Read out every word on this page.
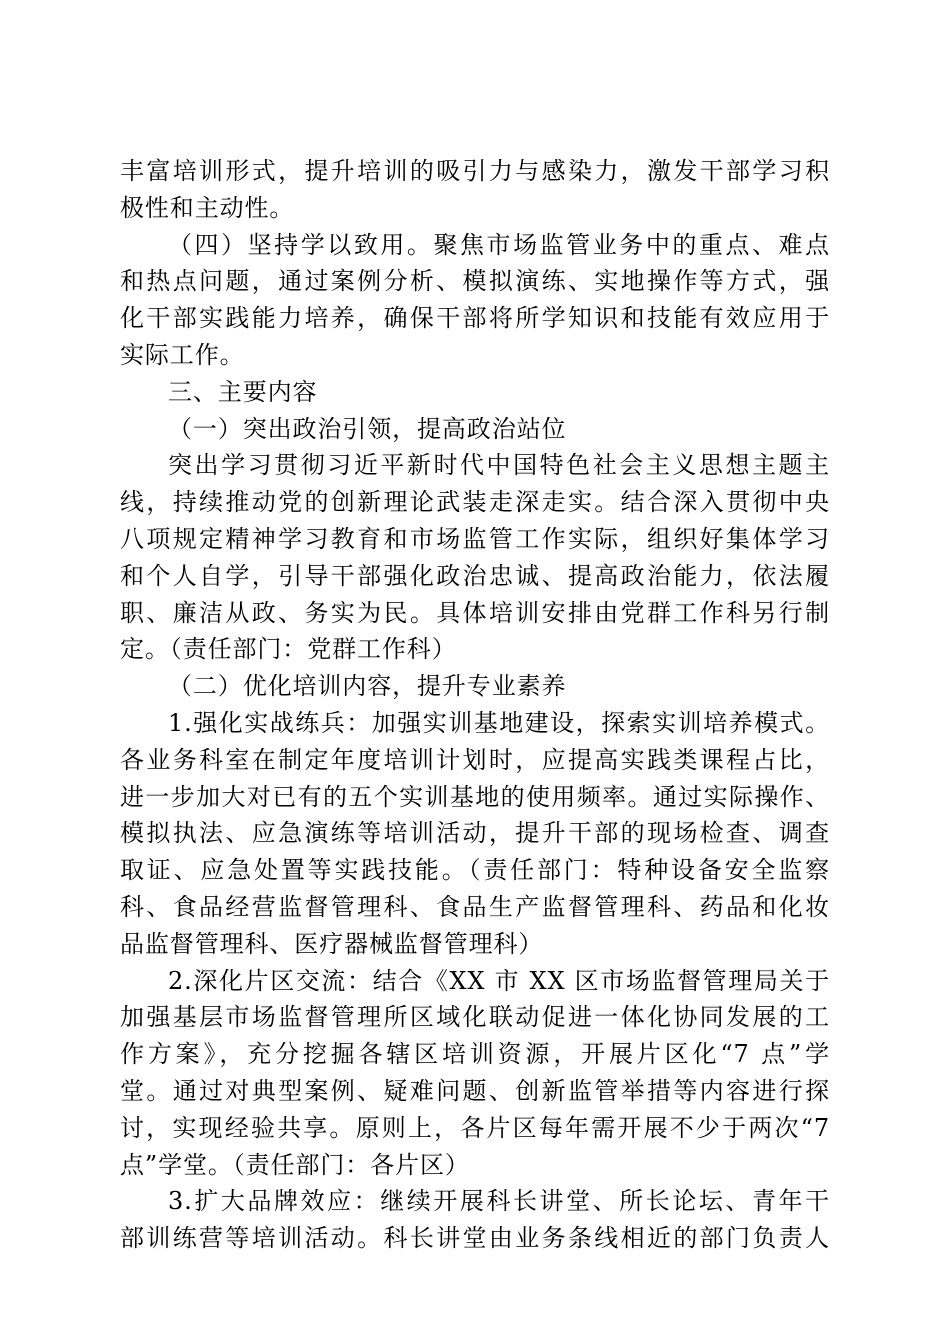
丰富培训形式，提升培训的吸引力与感染力，激发干部学习积
极性和主动性。
（四）坚持学以致用。聚焦市场监管业务中的重点、难点
和热点问题，通过案例分析、模拟演练、实地操作等方式，强
化干部实践能力培养，确保干部将所学知识和技能有效应用于
实际工作。
三、主要内容
（一）突出政治引领，提高政治站位
突出学习贯彻习近平新时代中国特色社会主义思想主题主
线，持续推动党的创新理论武装走深走实。结合深入贯彻中央
八项规定精神学习教育和市场监管工作实际，组织好集体学习
和个人自学，引导干部强化政治忠诚、提高政治能力，依法履
职、廉洁从政、务实为民。具体培训安排由党群工作科另行制
定。（责任部门：党群工作科）
（二）优化培训内容，提升专业素养
1.强化实战练兵：加强实训基地建设，探索实训培养模式。
各业务科室在制定年度培训计划时，应提高实践类课程占比，
进一步加大对已有的五个实训基地的使用频率。通过实际操作、
模拟执法、应急演练等培训活动，提升干部的现场检查、调查
取证、应急处置等实践技能。（责任部门：特种设备安全监察
科、食品经营监督管理科、食品生产监督管理科、药品和化妆
品监督管理科、医疗器械监督管理科）
2.深化片区交流：结合《XX 市 XX 区市场监督管理局关于
加强基层市场监督管理所区域化联动促进一体化协同发展的工
作方案》，充分挖掘各辖区培训资源，开展片区化“7 点”学
堂。通过对典型案例、疑难问题、创新监管举措等内容进行探
讨，实现经验共享。原则上，各片区每年需开展不少于两次“7
点”学堂。（责任部门：各片区）
3.扩大品牌效应：继续开展科长讲堂、所长论坛、青年干
部训练营等培训活动。科长讲堂由业务条线相近的部门负责人
